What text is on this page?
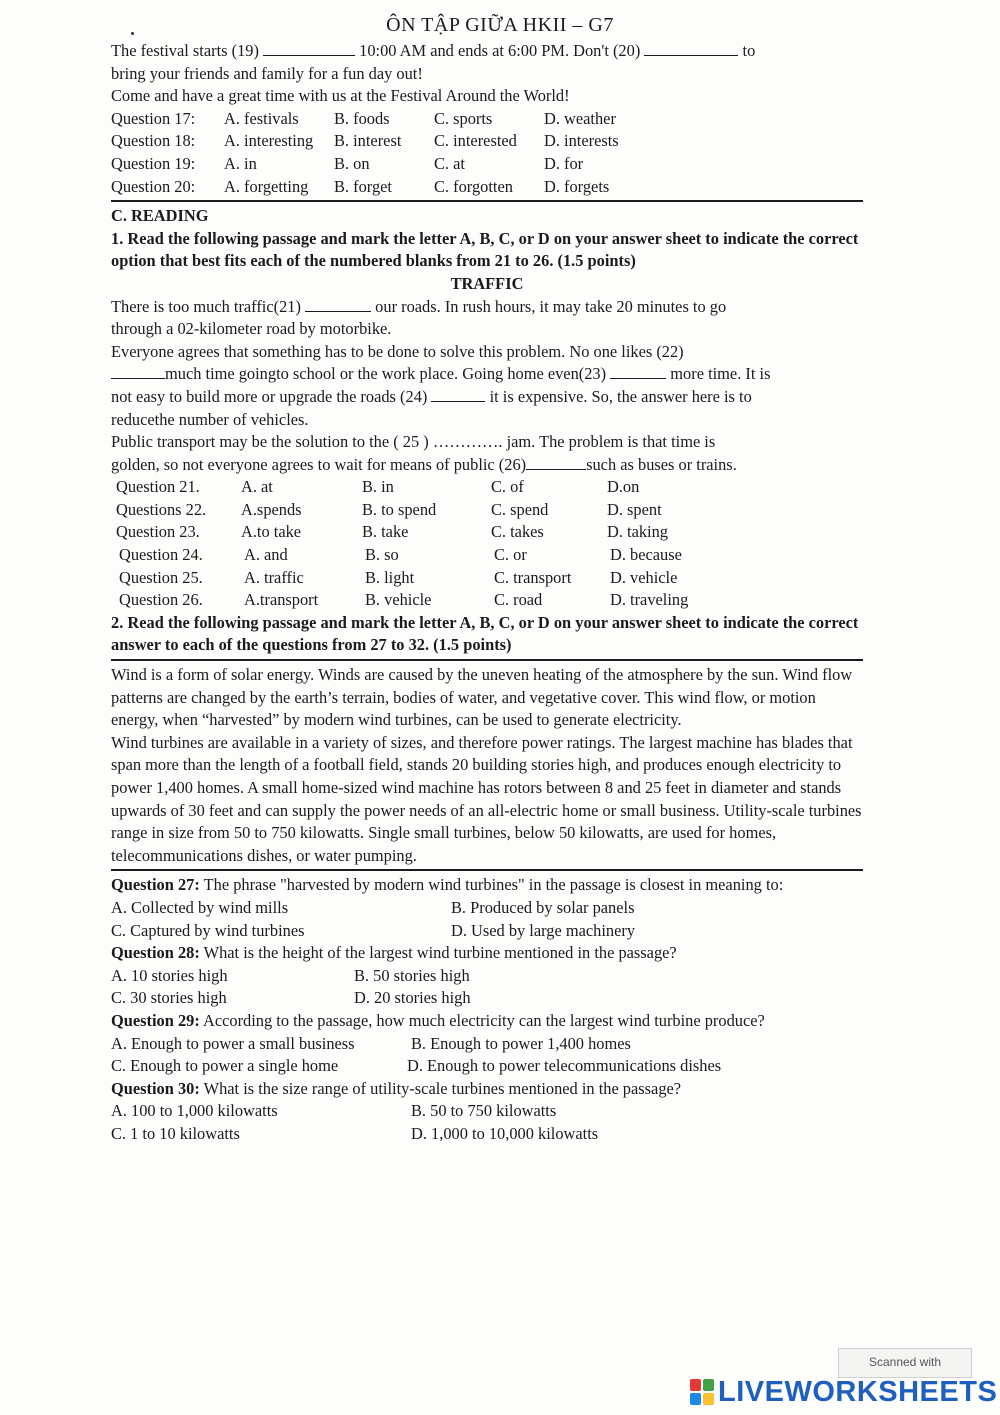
ÔN TẬP GIỮA HKII – G7
The festival starts (19)	10:00 AM and ends at 6:00 PM. Don't (20)	to
bring your friends and family for a fun day out!
Come and have a great time with us at the Festival Around the World!
Question 17:	A. festivals	B. foods	C. sports	D. weather
Question 18:	A. interesting	B. interest	C. interested	D. interests
Question 19:	A. in	B. on	C. at	D. for
Question 20:	A. forgetting	B. forget	C. forgotten	D. forgets
C. READING
1. Read the following passage and mark the letter A, B, C, or D on your answer sheet to indicate the correct option that best fits each of the numbered blanks from 21 to 26. (1.5 points)
TRAFFIC
There is too much traffic(21)	our roads. In rush hours, it may take 20 minutes to go
through a 02-kilometer road by motorbike.
Everyone agrees that something has to be done to solve this problem. No one likes (22)
much time goingto school or the work place. Going home even(23)	more time. It is
not easy to build more or upgrade the roads (24)	it is expensive. So, the answer here is to
reducethe number of vehicles.
Public transport may be the solution to the ( 25 ) …………. jam. The problem is that time is
golden, so not everyone agrees to wait for means of public (26)	such as buses or trains.
Question 21.	A. at	B. in	C. of	D.on
Questions 22.	A.spends	B. to spend	C. spend	D. spent
Question 23.	A.to take	B. take	C. takes	D. taking
Question 24.	A. and	B. so	C. or	D. because
Question 25.	A. traffic	B. light	C. transport	D. vehicle
Question 26.	A.transport	B. vehicle	C. road	D. traveling
2. Read the following passage and mark the letter A, B, C, or D on your answer sheet to indicate the correct answer to each of the questions from 27 to 32. (1.5 points)
Wind is a form of solar energy. Winds are caused by the uneven heating of the atmosphere by the sun. Wind flow patterns are changed by the earth’s terrain, bodies of water, and vegetative cover. This wind flow, or motion energy, when “harvested” by modern wind turbines, can be used to generate electricity.
Wind turbines are available in a variety of sizes, and therefore power ratings. The largest machine has blades that span more than the length of a football field, stands 20 building stories high, and produces enough electricity to power 1,400 homes. A small home-sized wind machine has rotors between 8 and 25 feet in diameter and stands upwards of 30 feet and can supply the power needs of an all-electric home or small business. Utility-scale turbines range in size from 50 to 750 kilowatts. Single small turbines, below 50 kilowatts, are used for homes, telecommunications dishes, or water pumping.
Question 27: The phrase "harvested by modern wind turbines" in the passage is closest in meaning to:
A. Collected by wind mills	B. Produced by solar panels
C. Captured by wind turbines	D. Used by large machinery
Question 28: What is the height of the largest wind turbine mentioned in the passage?
A. 10 stories high	B. 50 stories high
C. 30 stories high	D. 20 stories high
Question 29: According to the passage, how much electricity can the largest wind turbine produce?
A. Enough to power a small business	B. Enough to power 1,400 homes
C. Enough to power a single home	D. Enough to power telecommunications dishes
Question 30: What is the size range of utility-scale turbines mentioned in the passage?
A. 100 to 1,000 kilowatts	B. 50 to 750 kilowatts
C. 1 to 10 kilowatts	D. 1,000 to 10,000 kilowatts
Scanned with
LIVEWORKSHEETS
